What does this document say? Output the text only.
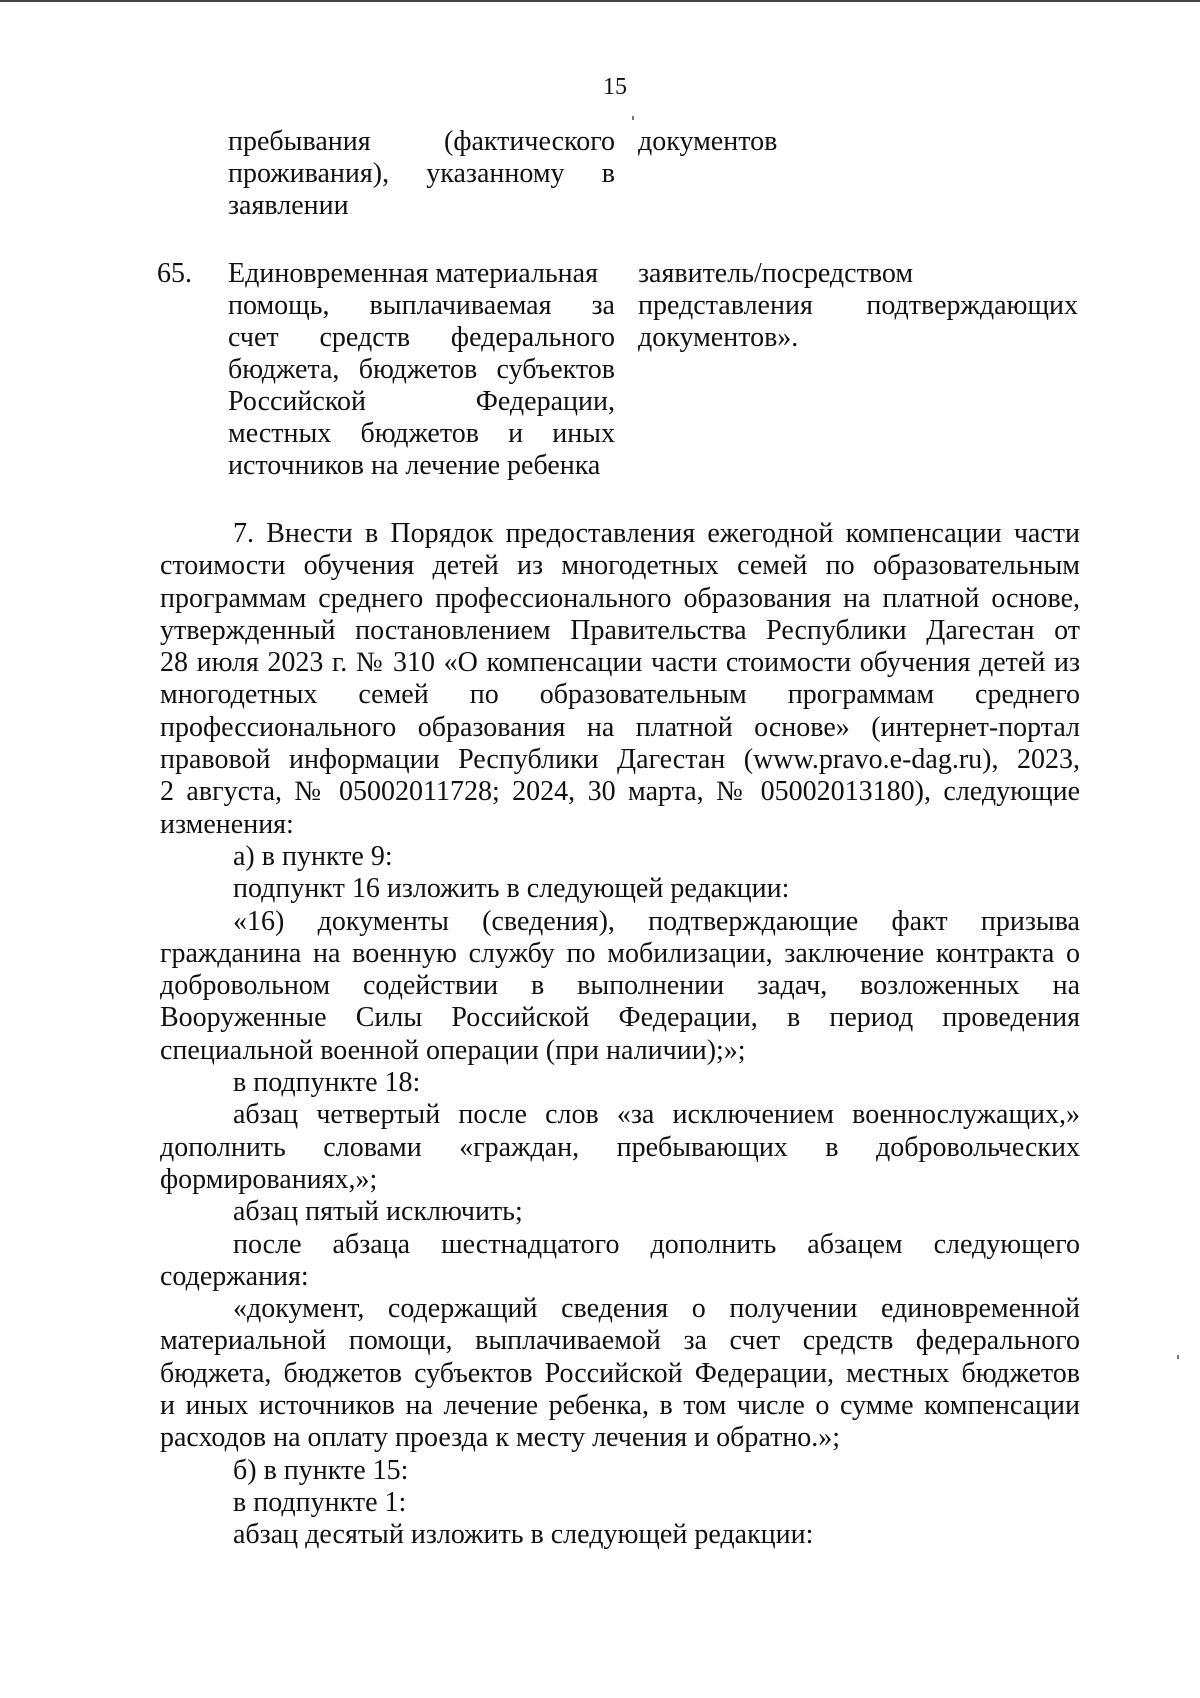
15
пребывания (фактического
проживания), указанному в
заявлении
документов
65. Единовременная материальная
помощь, выплачиваемая за
счет средств федерального
бюджета, бюджетов субъектов
Российской Федерации,
местных бюджетов и иных
источников на лечение ребенка
заявитель/посредством
представления подтверждающих
документов».
7. Внести в Порядок предоставления ежегодной компенсации части
стоимости обучения детей из многодетных семей по образовательным
программам среднего профессионального образования на платной основе,
утвержденный постановлением Правительства Республики Дагестан от
28 июля 2023 г. № 310 «О компенсации части стоимости обучения детей из
многодетных семей по образовательным программам среднего
профессионального образования на платной основе» (интернет-портал
правовой информации Республики Дагестан (www.pravo.e-dag.ru), 2023,
2 августа, № 05002011728; 2024, 30 марта, № 05002013180), следующие
изменения:
а) в пункте 9:
подпункт 16 изложить в следующей редакции:
«16) документы (сведения), подтверждающие факт призыва
гражданина на военную службу по мобилизации, заключение контракта о
добровольном содействии в выполнении задач, возложенных на
Вооруженные Силы Российской Федерации, в период проведения
специальной военной операции (при наличии);»;
в подпункте 18:
абзац четвертый после слов «за исключением военнослужащих,»
дополнить словами «граждан, пребывающих в добровольческих
формированиях,»;
абзац пятый исключить;
после абзаца шестнадцатого дополнить абзацем следующего
содержания:
«документ, содержащий сведения о получении единовременной
материальной помощи, выплачиваемой за счет средств федерального
бюджета, бюджетов субъектов Российской Федерации, местных бюджетов
и иных источников на лечение ребенка, в том числе о сумме компенсации
расходов на оплату проезда к месту лечения и обратно.»;
б) в пункте 15:
в подпункте 1:
абзац десятый изложить в следующей редакции:
